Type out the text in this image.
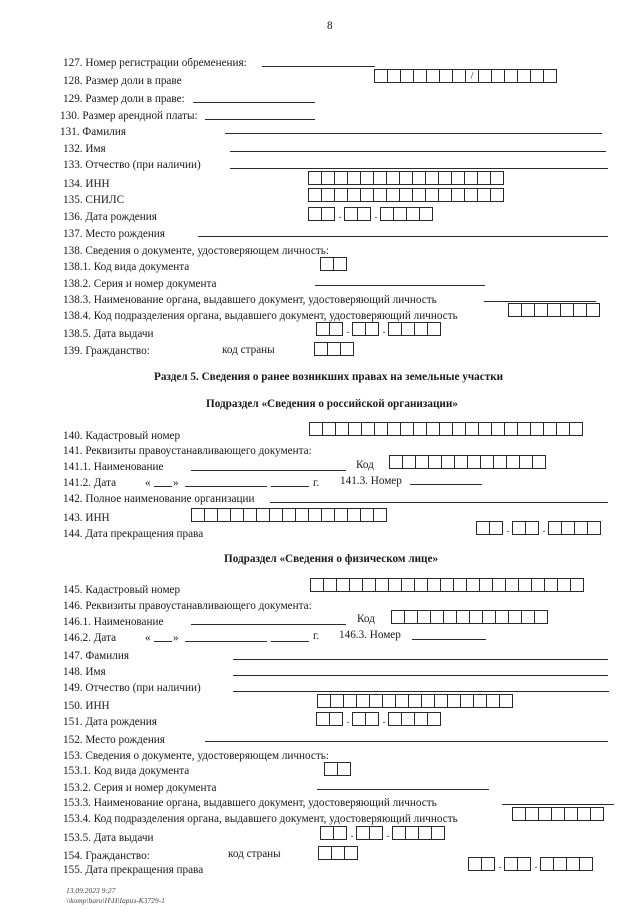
8
127. Номер регистрации обременения:
128. Размер доли в праве	/
129. Размер доли в праве:
130. Размер арендной платы:
131. Фамилия
132. Имя
133. Отчество (при наличии)
134. ИНН
135. СНИЛС
136. Дата рождения	.	.
137. Место рождения
138. Сведения о документе, удостоверяющем личность:
138.1. Код вида документа
138.2. Серия и номер документа
138.3. Наименование органа, выдавшего документ, удостоверяющий личность
138.4. Код подразделения органа, выдавшего документ, удостоверяющий личность
138.5. Дата выдачи	.	.
139. Гражданство:	код страны
Раздел 5. Сведения о ранее возникших правах на земельные участки
Подраздел «Сведения о российской организации»
140. Кадастровый номер
141. Реквизиты правоустанавливающего документа:
141.1. Наименование	Код
141.2. Дата	« »	г. 141.3. Номер
142. Полное наименование организации
143. ИНН
144. Дата прекращения права	.	.
Подраздел «Сведения о физическом лице»
145. Кадастровый номер
146. Реквизиты правоустанавливающего документа:
146.1. Наименование	Код
146.2. Дата	« »	г. 146.3. Номер
147. Фамилия
148. Имя
149. Отчество (при наличии)
150. ИНН
151. Дата рождения	.	.
152. Место рождения
153. Сведения о документе, удостоверяющем личность:
153.1. Код вида документа
153.2. Серия и номер документа
153.3. Наименование органа, выдавшего документ, удостоверяющий личность
153.4. Код подразделения органа, выдавшего документ, удостоверяющий личность
153.5. Дата выдачи	.	.
154. Гражданство:	код страны
155. Дата прекращения права	.	.
13.09.2023 9:27
\\komp\baro\H\H\Іарuз-К3729-1
